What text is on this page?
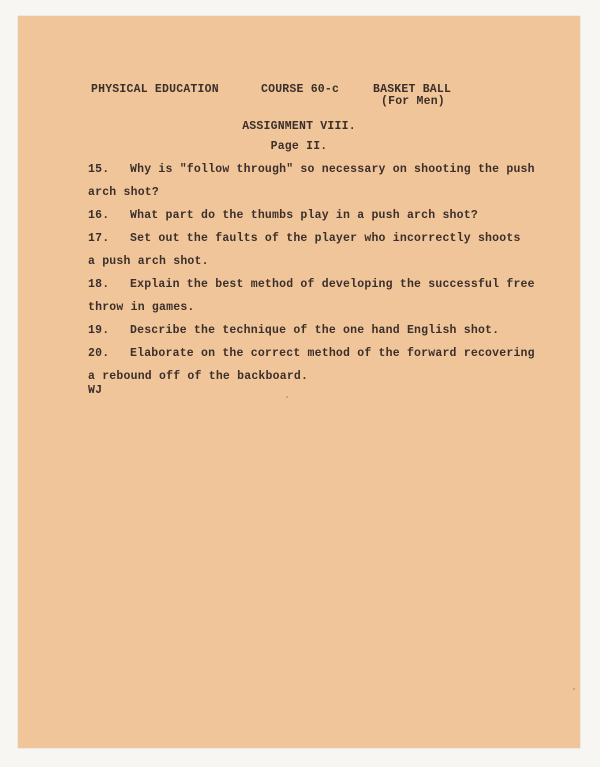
PHYSICAL EDUCATION	COURSE 60-c	BASKET BALL
(For Men)
ASSIGNMENT VIII.
Page II.
15. Why is "follow through" so necessary on shooting the push
arch shot?
16. What part do the thumbs play in a push arch shot?
17. Set out the faults of the player who incorrectly shoots
a push arch shot.
18. Explain the best method of developing the successful free
throw in games.
19. Describe the technique of the one hand English shot.
20. Elaborate on the correct method of the forward recovering
a rebound off of the backboard.
WJ
